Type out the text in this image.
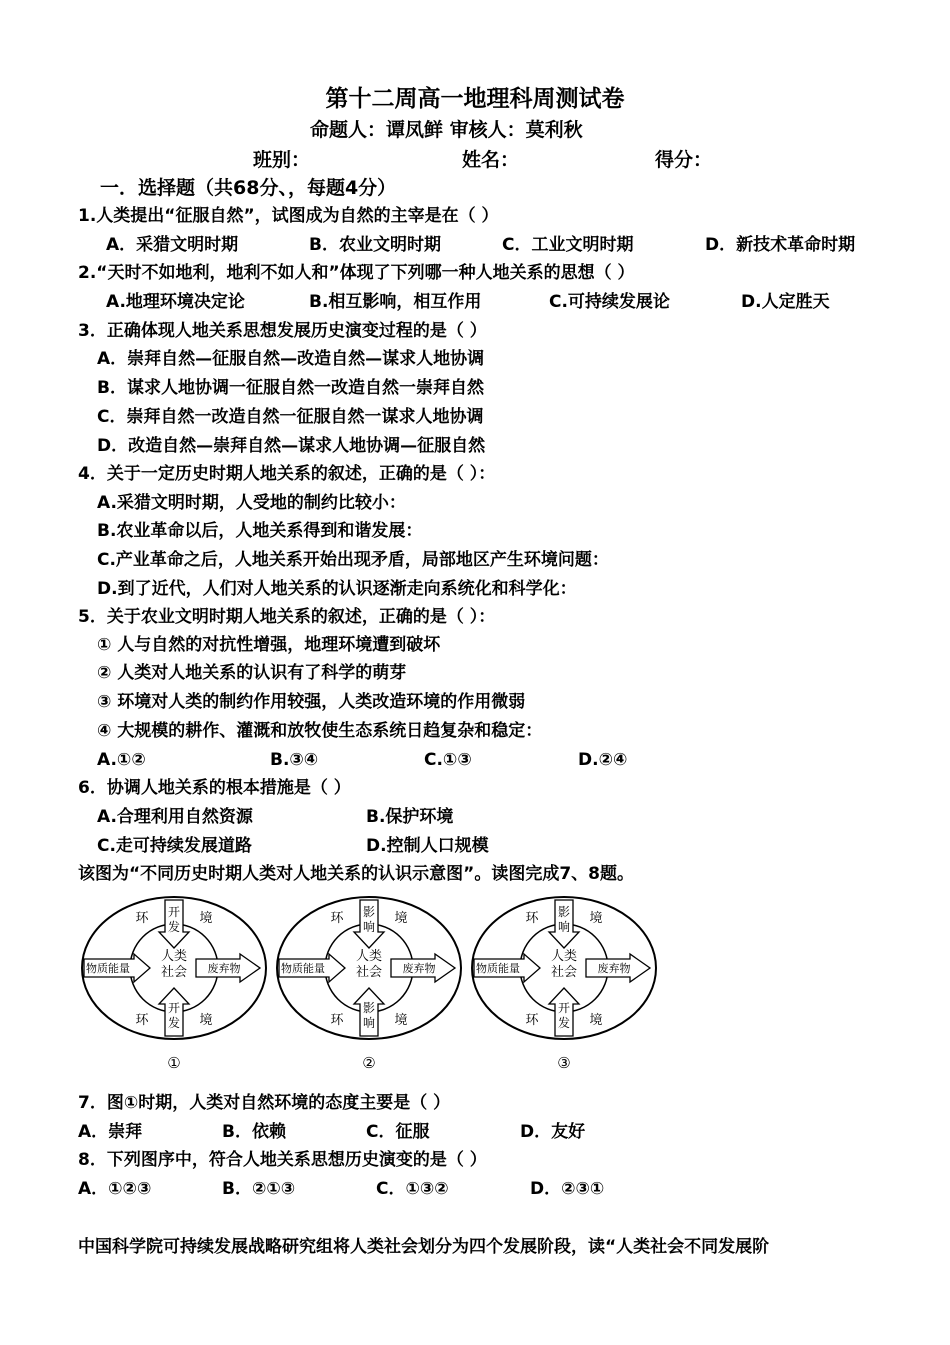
第十二周高一地理科周测试卷
命题人：谭凤鲜 审核人：莫利秋
班别：	姓名：	得分：
一．选择题（共68分、，每题4分）
1.人类提出“征服自然”，试图成为自然的主宰是在（ ）
A．采猎文明时期	B．农业文明时期	C．工业文明时期	D．新技术革命时期
2.“天时不如地利，地利不如人和”体现了下列哪一种人地关系的思想（ ）
A.地理环境决定论	B.相互影响，相互作用	C.可持续发展论	D.人定胜天
3．正确体现人地关系思想发展历史演变过程的是（ ）
A．崇拜自然—征服自然—改造自然—谋求人地协调
B．谋求人地协调一征服自然一改造自然一崇拜自然
C．崇拜自然一改造自然一征服自然一谋求人地协调
D．改造自然—崇拜自然—谋求人地协调—征服自然
4．关于一定历史时期人地关系的叙述，正确的是（ ）：
A.采猎文明时期，人受地的制约比较小：
B.农业革命以后，人地关系得到和谐发展：
C.产业革命之后，人地关系开始出现矛盾，局部地区产生环境问题：
D.到了近代，人们对人地关系的认识逐渐走向系统化和科学化：
5．关于农业文明时期人地关系的叙述，正确的是（ ）：
① 人与自然的对抗性增强，地理环境遭到破坏
② 人类对人地关系的认识有了科学的萌芽
③ 环境对人类的制约作用较强，人类改造环境的作用微弱
④ 大规模的耕作、灌溉和放牧使生态系统日趋复杂和稳定：
A.①②	B.③④	C.①③	D.②④
6．协调人地关系的根本措施是（ ）
A.合理利用自然资源	B.保护环境
C.走可持续发展道路	D.控制人口规模
该图为“不同历史时期人类对人地关系的认识示意图”。读图完成7、8题。
开
发
开
发
物质能量	废弃物
人类
社会
环	境
环	境
①
影
响
影
响
物质能量	废弃物
人类
社会
环	境
环	境
②
影
响
开
发
物质能量	废弃物
人类
社会
环	境
环	境
③
7．图①时期，人类对自然环境的态度主要是（ ）
A．崇拜	B．依赖	C．征服	D．友好
8．下列图序中，符合人地关系思想历史演变的是（ ）
A．①②③	B．②①③	C．①③②	D．②③①
中国科学院可持续发展战略研究组将人类社会划分为四个发展阶段，读“人类社会不同发展阶
